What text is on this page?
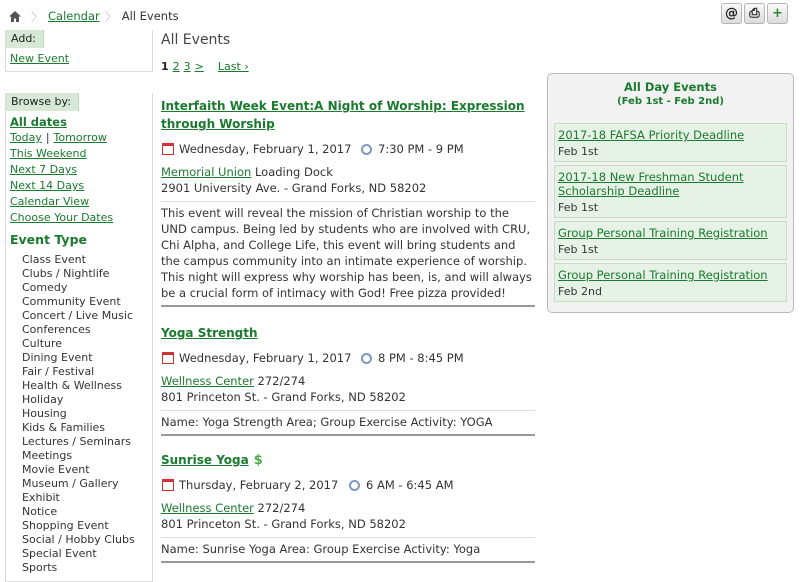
〉 Calendar 〉 All Events	@ ⎙ +
Add:
New Event
Browse by:
All dates
Today | Tomorrow
This Weekend
Next 7 Days
Next 14 Days
Calendar View
Choose Your Dates
Event Type
Class Event
Clubs / Nightlife
Comedy
Community Event
Concert / Live Music
Conferences
Culture
Dining Event
Fair / Festival
Health & Wellness
Holiday
Housing
Kids & Families
Lectures / Seminars
Meetings
Movie Event
Museum / Gallery Exhibit
Notice
Shopping Event
Social / Hobby Clubs
Special Event
Sports
All Events
1 2 3 > Last ›
Interfaith Week Event:A Night of Worship: Expression through Worship
Wednesday, February 1, 2017	7:30 PM - 9 PM
Memorial Union Loading Dock
2901 University Ave. - Grand Forks, ND 58202
This event will reveal the mission of Christian worship to the UND campus. Being led by students who are involved with CRU, Chi Alpha, and College Life, this event will bring students and the campus community into an intimate experience of worship. This night will express why worship has been, is, and will always be a crucial form of intimacy with God! Free pizza provided!
Yoga Strength
Wednesday, February 1, 2017	8 PM - 8:45 PM
Wellness Center 272/274
801 Princeton St. - Grand Forks, ND 58202
Name: Yoga Strength Area; Group Exercise Activity: YOGA
Sunrise Yoga $
Thursday, February 2, 2017	6 AM - 6:45 AM
Wellness Center 272/274
801 Princeton St. - Grand Forks, ND 58202
Name: Sunrise Yoga Area: Group Exercise Activity: Yoga
All Day Events
(Feb 1st - Feb 2nd)
2017-18 FAFSA Priority Deadline
Feb 1st
2017-18 New Freshman Student Scholarship Deadline
Feb 1st
Group Personal Training Registration
Feb 1st
Group Personal Training Registration
Feb 2nd
